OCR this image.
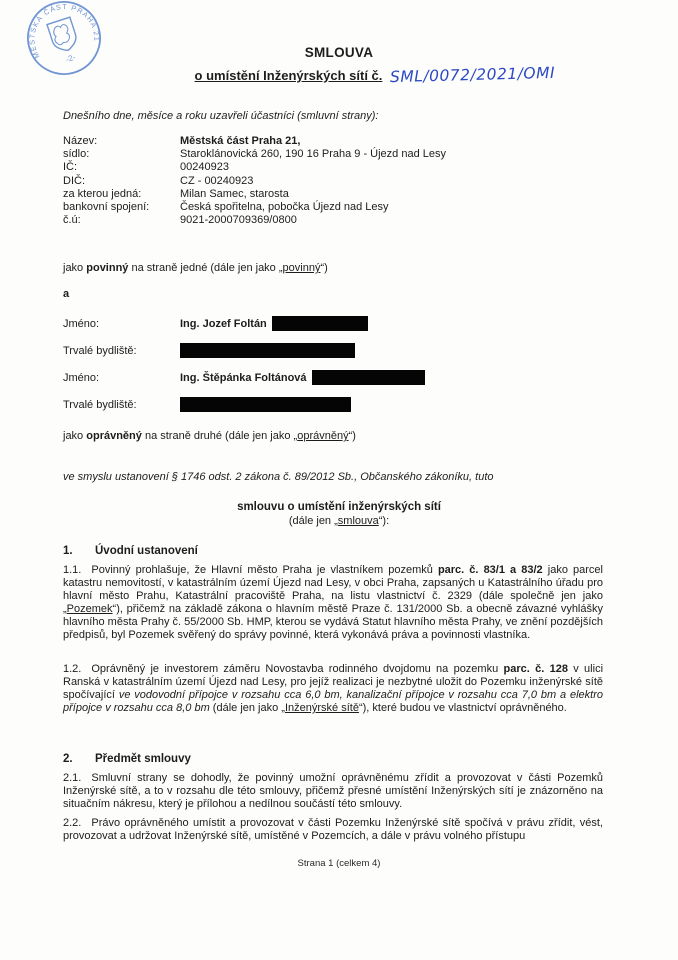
MĚSTSKÁ ČÁST PRAHA 21
-2-	SMLOUVA
o umístění Inženýrských sítí č. SML/0072/2021/OMI

Dnešního dne, měsíce a roku uzavřeli účastníci (smluvní strany):

Název:	Městská část Praha 21,
sídlo:	Staroklánovická 260, 190 16 Praha 9 - Újezd nad Lesy
IČ:	00240923
DIČ:	CZ - 00240923
za kterou jedná:	Milan Samec, starosta
bankovní spojení:	Česká spořitelna, pobočka Újezd nad Lesy
č.ú:	9021-2000709369/0800

jako povinný na straně jedné (dále jen jako „povinný“)

a

Jméno:	Ing. Jozef Foltán
Trvalé bydliště:
Jméno:	Ing. Štěpánka Foltánová
Trvalé bydliště:

jako oprávněný na straně druhé (dále jen jako „oprávněný“)

ve smyslu ustanovení § 1746 odst. 2 zákona č. 89/2012 Sb., Občanského zákoníku, tuto

smlouvu o umístění inženýrských sítí
(dále jen „smlouva“):
1. Úvodní ustanovení

1.1. Povinný prohlašuje, že Hlavní město Praha je vlastníkem pozemků parc. č. 83/1 a 83/2 jako parcel katastru nemovitostí, v katastrálním území Újezd nad Lesy, v obci Praha, zapsaných u Katastrálního úřadu pro hlavní město Prahu, Katastrální pracoviště Praha, na listu vlastnictví č. 2329 (dále společně jen jako „Pozemek“), přičemž na základě zákona o hlavním městě Praze č. 131/2000 Sb. a obecně závazné vyhlášky hlavního města Prahy č. 55/2000 Sb. HMP, kterou se vydává Statut hlavního města Prahy, ve znění pozdějších předpisů, byl Pozemek svěřený do správy povinné, která vykonává práva a povinnosti vlastníka.

1.2. Oprávněný je investorem záměru Novostavba rodinného dvojdomu na pozemku parc. č. 128 v ulici Ranská v katastrálním území Újezd nad Lesy, pro jejíž realizaci je nezbytné uložit do Pozemku inženýrské sítě spočívající ve vodovodní přípojce v rozsahu cca 6,0 bm, kanalizační přípojce v rozsahu cca 7,0 bm a elektro přípojce v rozsahu cca 8,0 bm (dále jen jako „Inženýrské sítě“), které budou ve vlastnictví oprávněného.

2. Předmět smlouvy

2.1. Smluvní strany se dohodly, že povinný umožní oprávněnému zřídit a provozovat v části Pozemků Inženýrské sítě, a to v rozsahu dle této smlouvy, přičemž přesné umístění Inženýrských sítí je znázorněno na situačním nákresu, který je přílohou a nedílnou součástí této smlouvy.

2.2. Právo oprávněného umístit a provozovat v části Pozemku Inženýrské sítě spočívá v právu zřídit, vést, provozovat a udržovat Inženýrské sítě, umístěné v Pozemcích, a dále v právu volného přístupu

Strana 1 (celkem 4)
